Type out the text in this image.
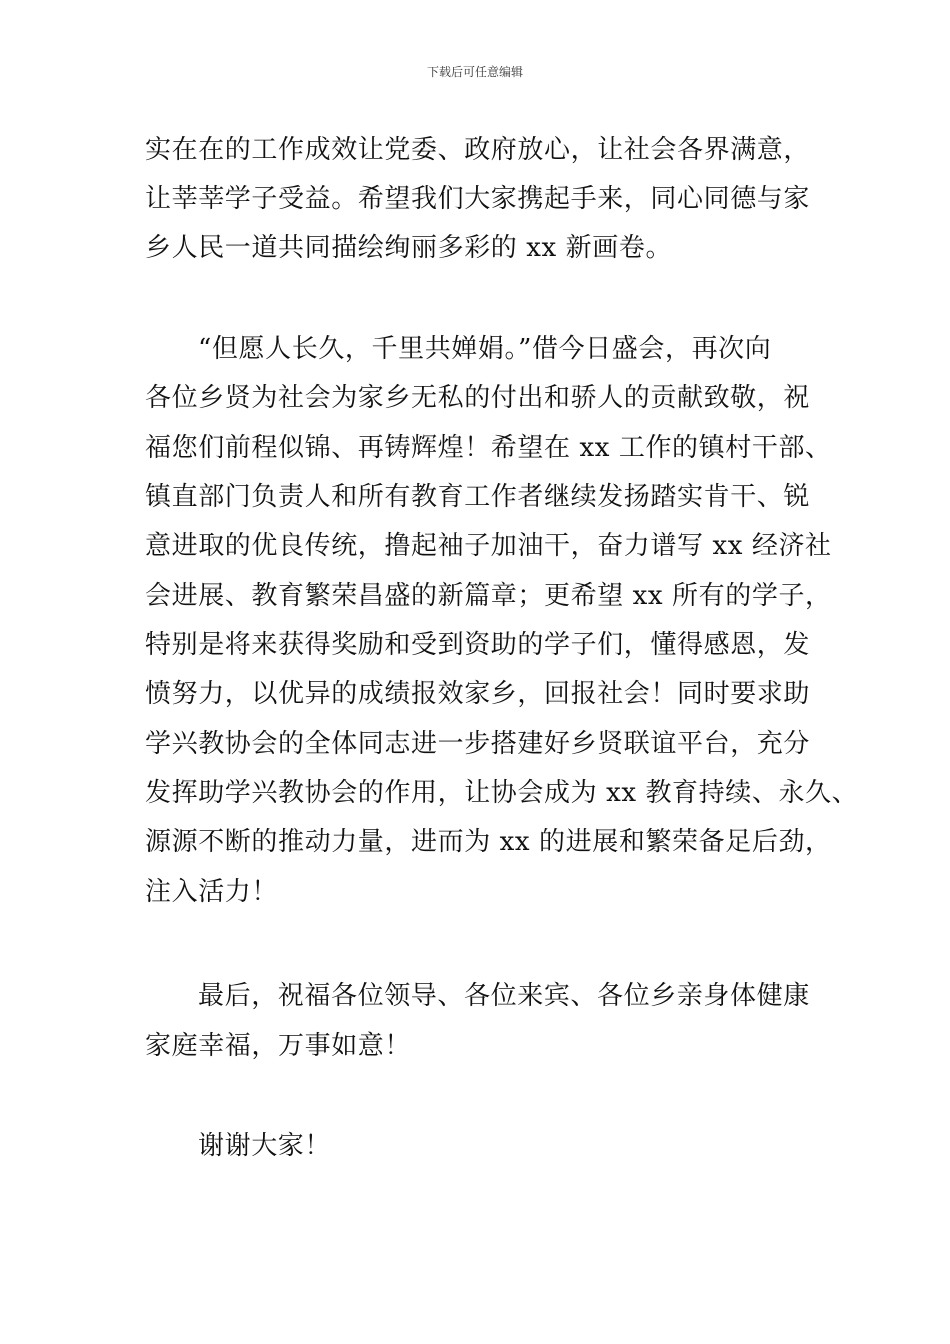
下载后可任意编辑
实在在的工作成效让党委、政府放心，让社会各界满意，
让莘莘学子受益。希望我们大家携起手来，同心同德与家
乡人民一道共同描绘绚丽多彩的 xx 新画卷。
“但愿人长久，千里共婵娟。”借今日盛会，再次向
各位乡贤为社会为家乡无私的付出和骄人的贡献致敬，祝
福您们前程似锦、再铸辉煌！希望在 xx 工作的镇村干部、
镇直部门负责人和所有教育工作者继续发扬踏实肯干、锐
意进取的优良传统，撸起袖子加油干，奋力谱写 xx 经济社
会进展、教育繁荣昌盛的新篇章；更希望 xx 所有的学子，
特别是将来获得奖励和受到资助的学子们，懂得感恩，发
愤努力，以优异的成绩报效家乡，回报社会！同时要求助
学兴教协会的全体同志进一步搭建好乡贤联谊平台，充分
发挥助学兴教协会的作用，让协会成为 xx 教育持续、永久、
源源不断的推动力量，进而为 xx 的进展和繁荣备足后劲，
注入活力！
最后，祝福各位领导、各位来宾、各位乡亲身体健康
家庭幸福，万事如意！
谢谢大家！
